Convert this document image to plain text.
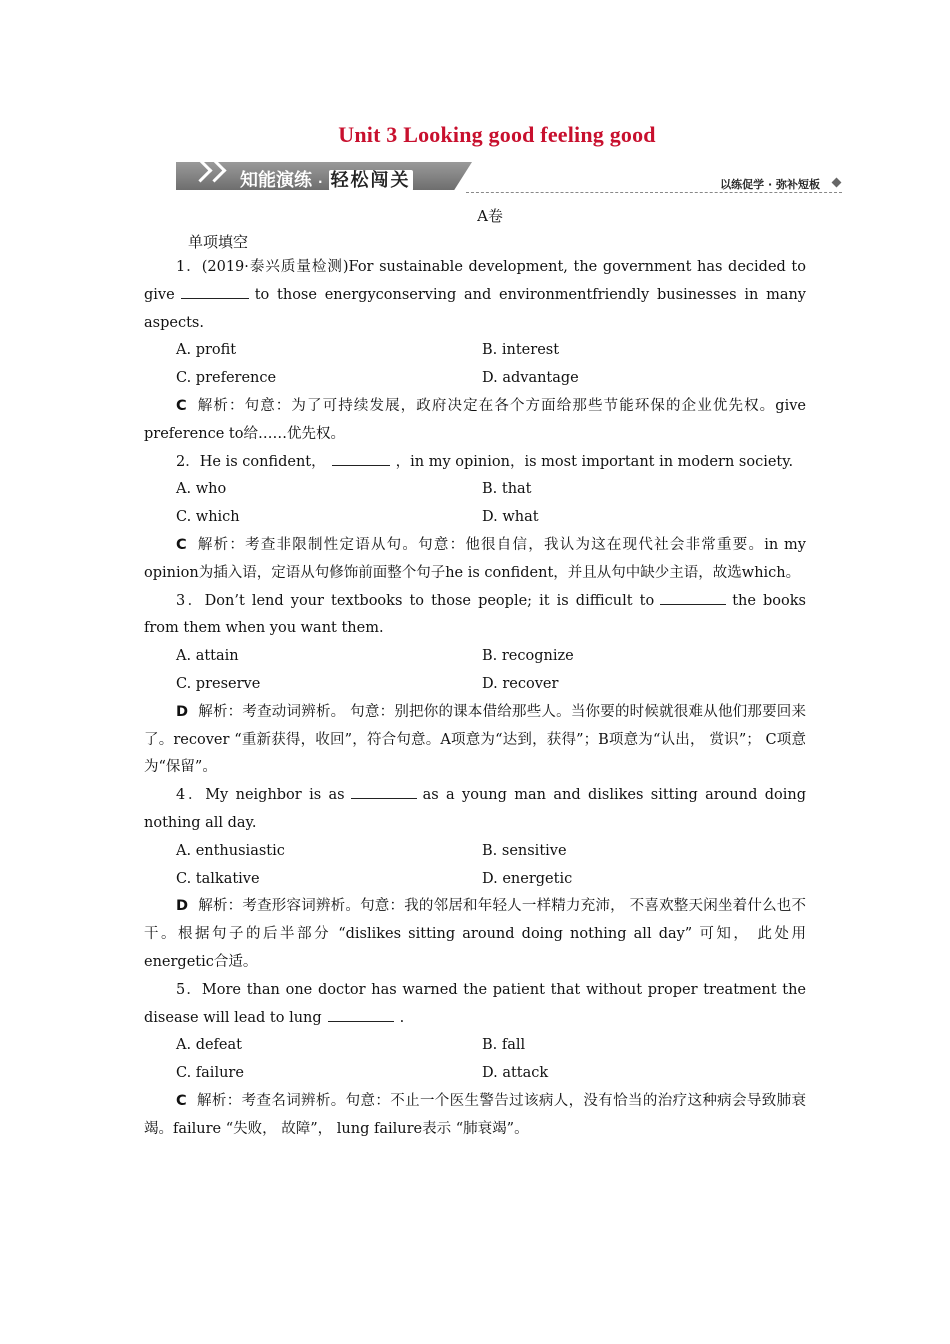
Unit 3 Looking good feeling good
知能演练 · 轻松闯关	以练促学 · 弥补短板
A卷
单项填空

1．(2019·泰兴质量检测)For sustainable development, the government has decided to give	to those energyconserving and environmentfriendly businesses in many aspects.

A. profit	B. interest
C. preference	D. advantage

C 解析：句意：为了可持续发展，政府决定在各个方面给那些节能环保的企业优先权。give preference to给……优先权。

2．He is confident，	，in my opinion，is most important in modern society.

A. who	B. that
C. which	D. what

C 解析：考查非限制性定语从句。句意：他很自信，我认为这在现代社会非常重要。in my opinion为插入语，定语从句修饰前面整个句子he is confident，并且从句中缺少主语，故选which。

3．Don’t lend your textbooks to those people; it is difficult to	the books from them when you want them.

A. attain	B. recognize
C. preserve	D. recover

D 解析：考查动词辨析。 句意：别把你的课本借给那些人。当你要的时候就很难从他们那要回来了。recover “重新获得，收回”，符合句意。A项意为“达到，获得”；B项意为“认出， 赏识”； C项意为“保留”。

4．My neighbor is as	as a young man and dislikes sitting around doing nothing all day.

A. enthusiastic	B. sensitive
C. talkative	D. energetic

D 解析：考查形容词辨析。句意：我的邻居和年轻人一样精力充沛， 不喜欢整天闲坐着什么也不干。根据句子的后半部分 “dislikes sitting around doing nothing all day” 可知， 此处用energetic合适。

5．More than one doctor has warned the patient that without proper treatment the disease will lead to lung	.

A. defeat	B. fall
C. failure	D. attack

C 解析：考查名词辨析。句意：不止一个医生警告过该病人，没有恰当的治疗这种病会导致肺衰竭。failure “失败， 故障”， lung failure表示 “肺衰竭”。
